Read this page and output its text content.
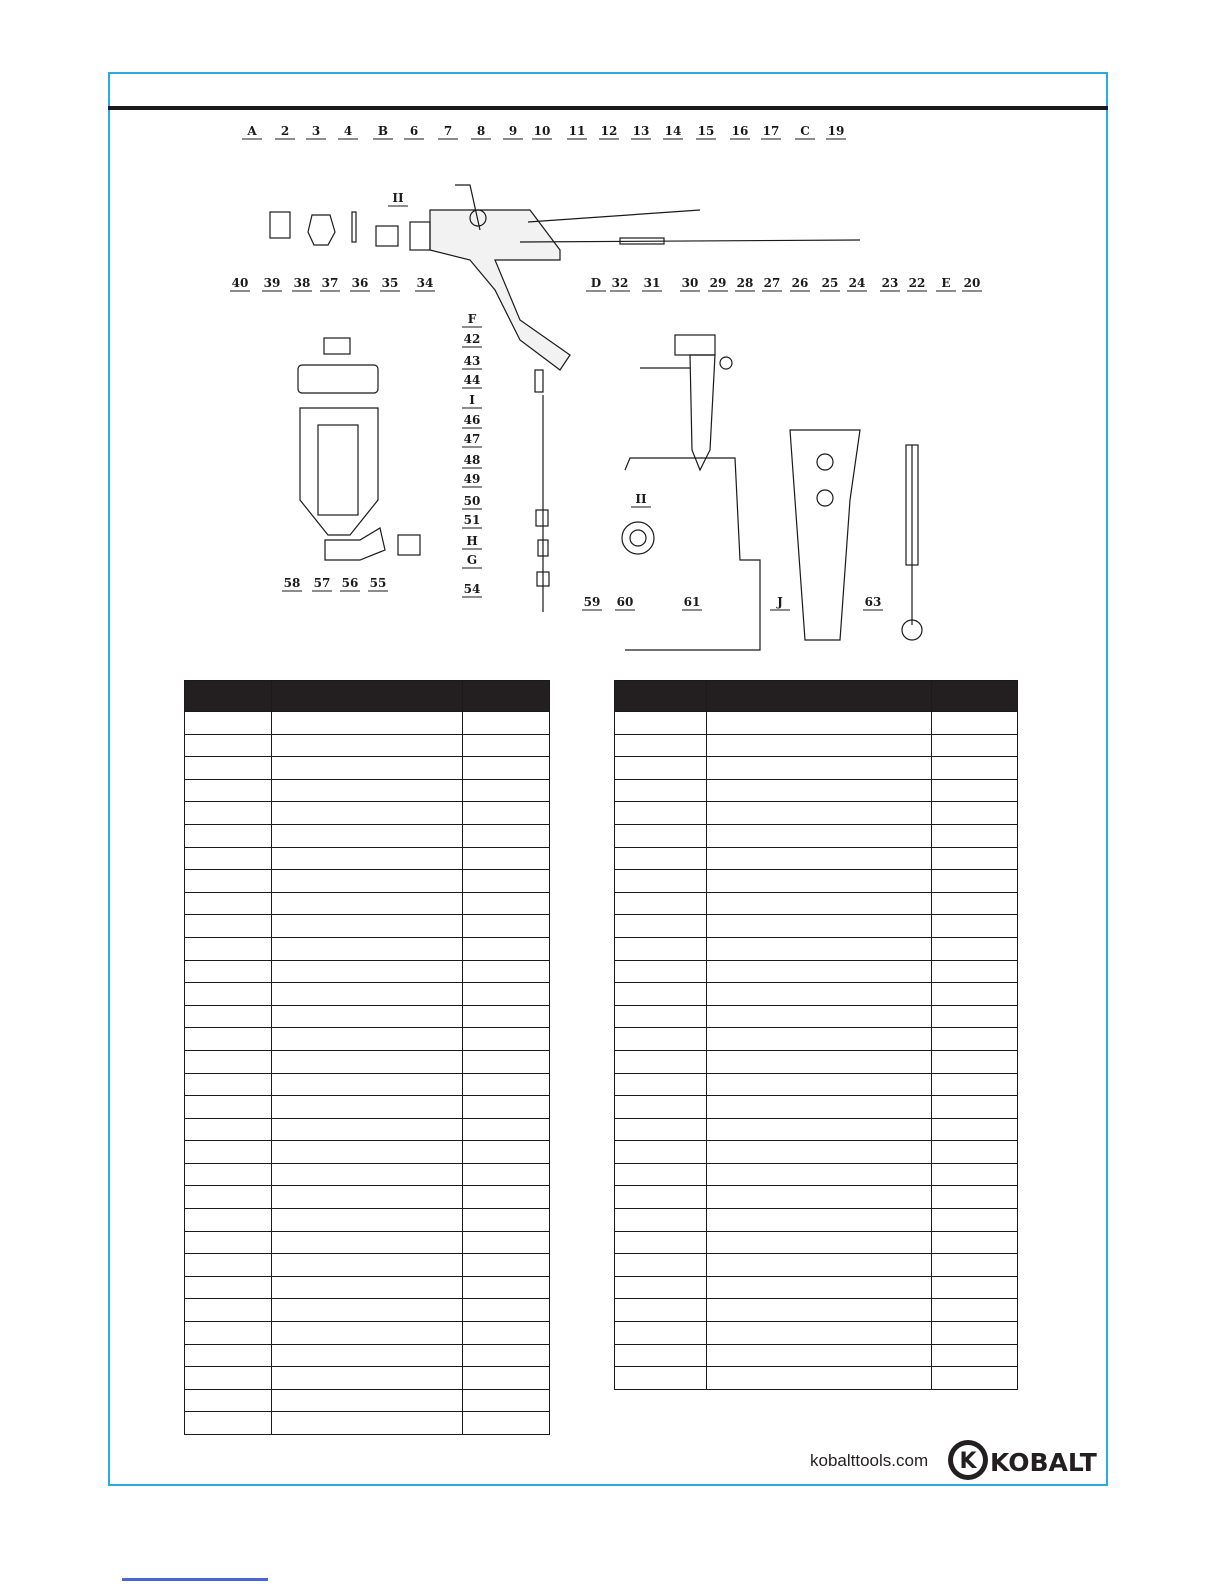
A 2 3 4 B 6 7 8 9 10 11 12 13 14 15 16 17 C 19
40 39 38 37 36 35 34	D 32 31 30 29 28 27 26 25 24 23 22 E 20
II
II
F
42
43
I
44
46
47
48
49
50
51
H
G
54
58 57 56 55
59 60	61	J	63

kobalttools.com K KOBALT
